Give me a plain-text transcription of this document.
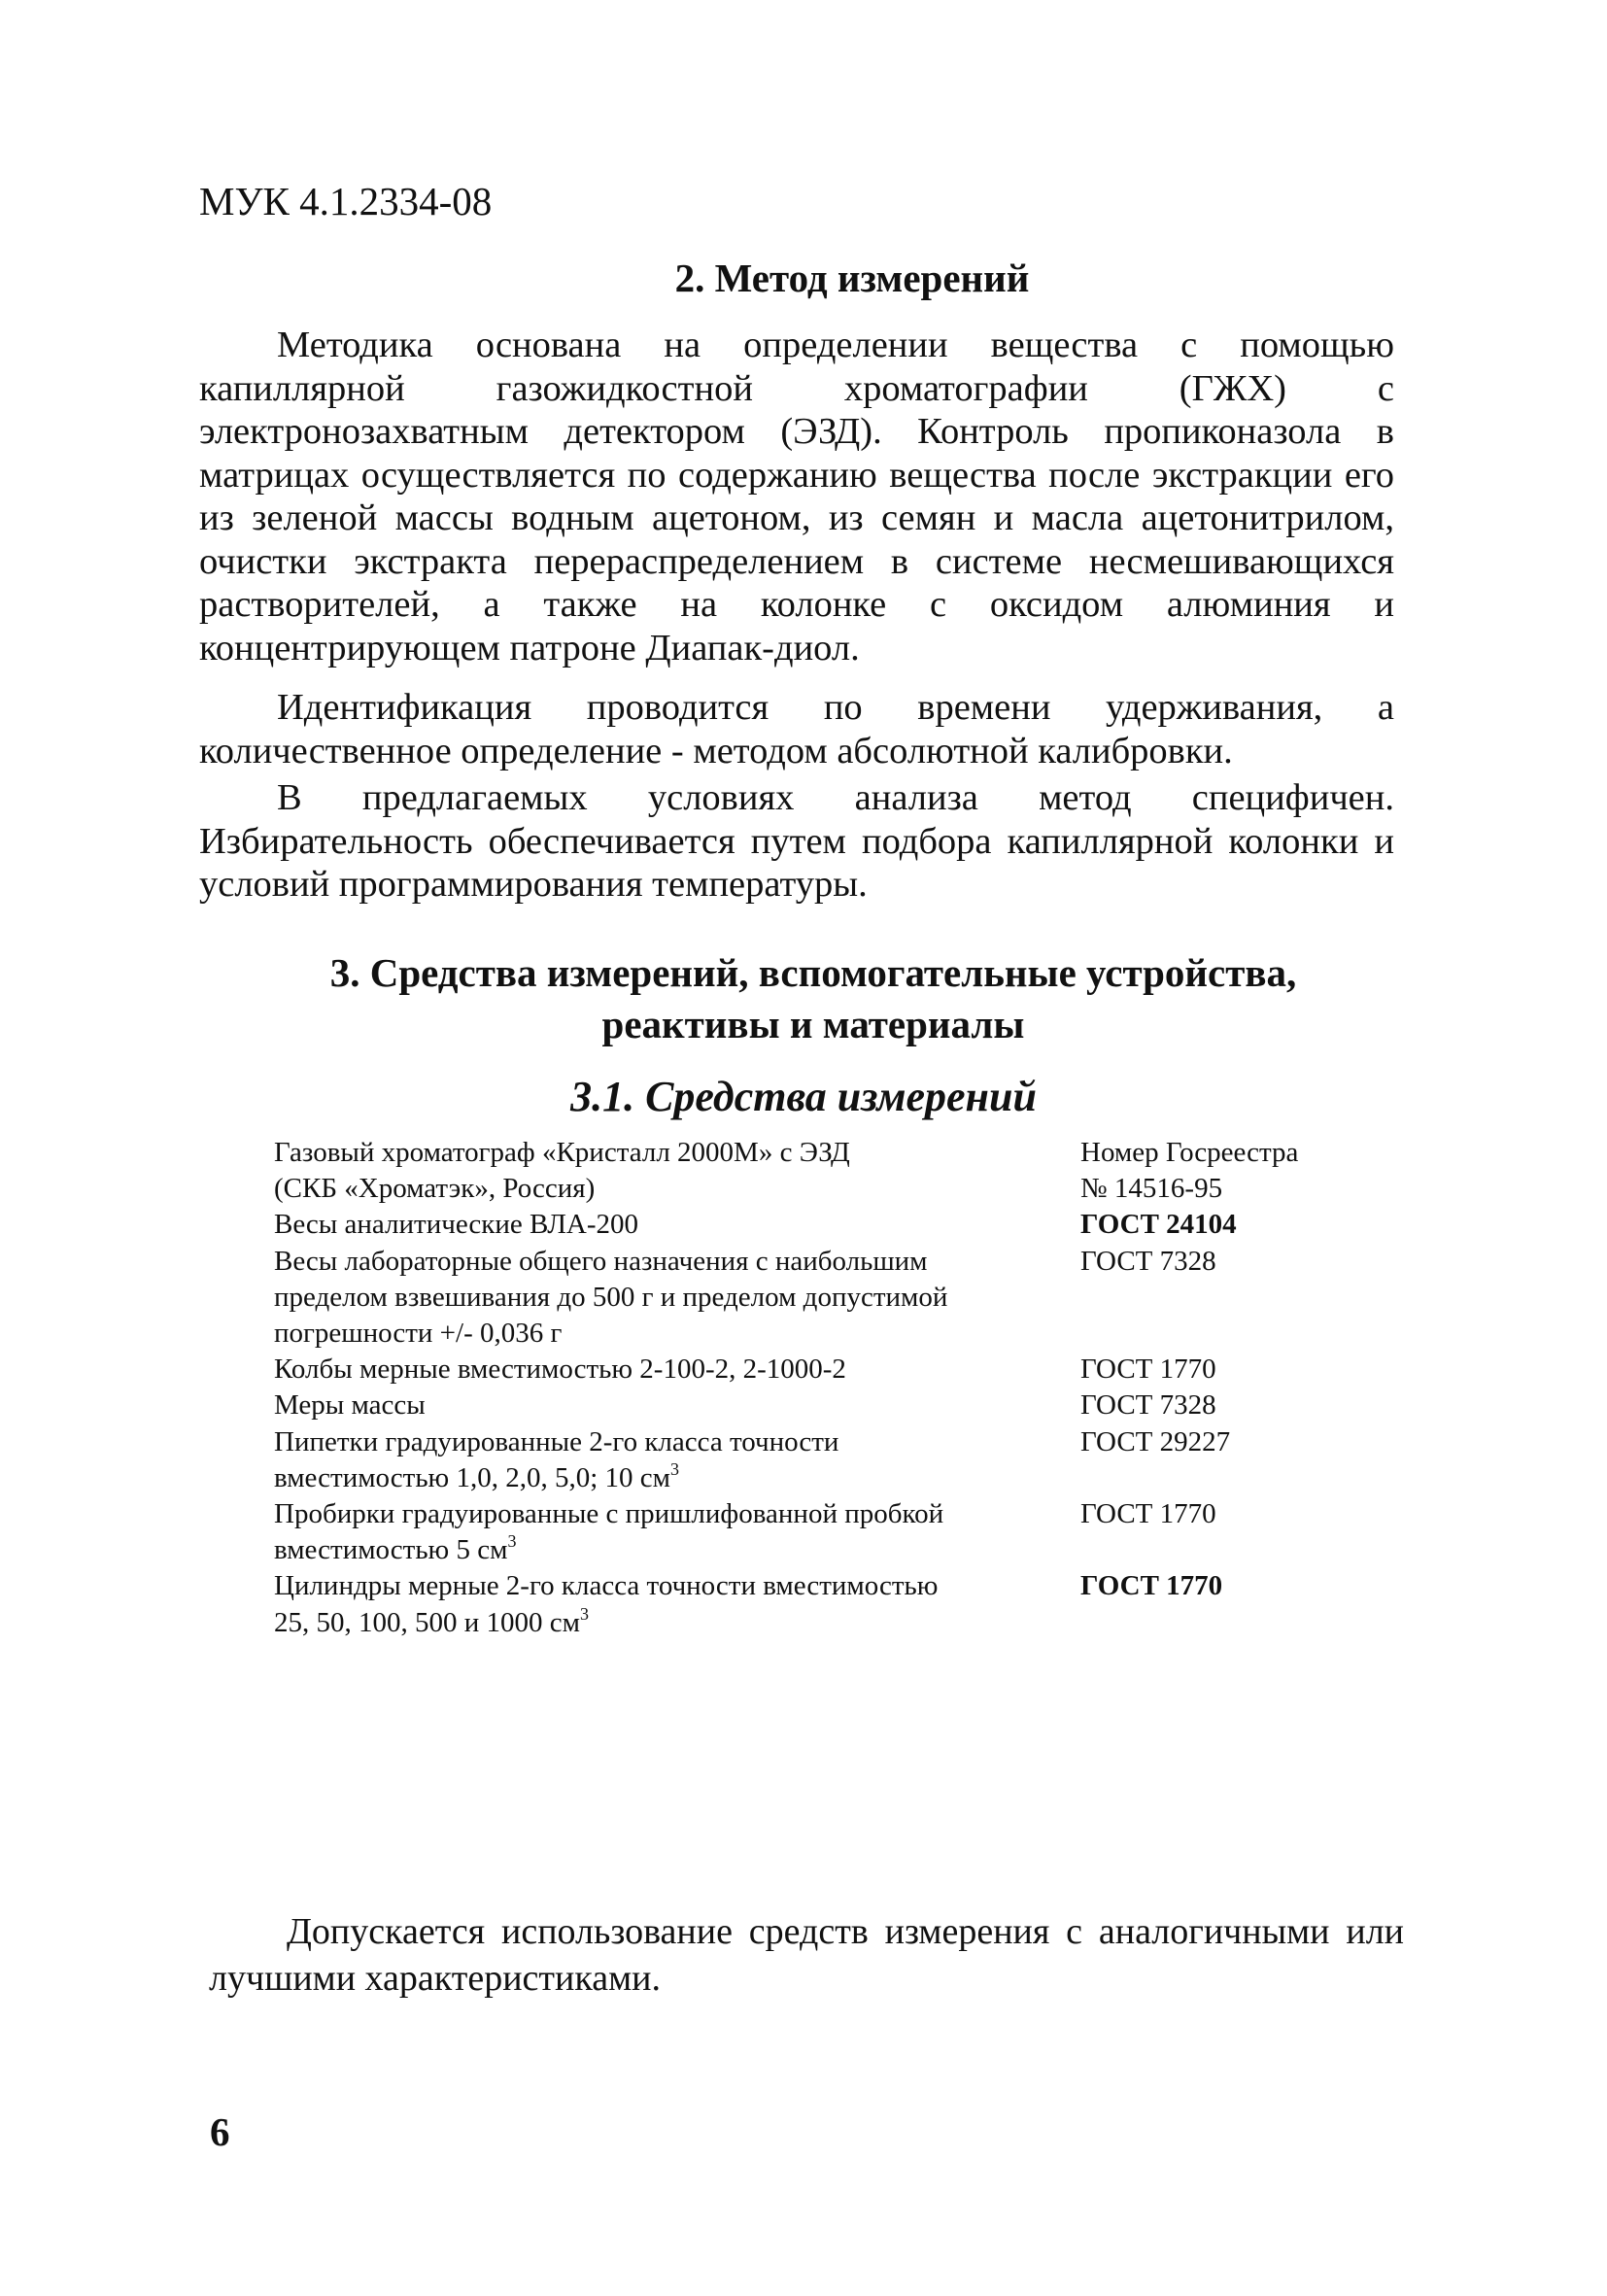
МУК 4.1.2334-08
2. Метод измерений

Методика основана на определении вещества с помощью капиллярной газожидкостной хроматографии (ГЖХ) с электронозахватным детектором (ЭЗД). Контроль пропиконазола в матрицах осуществляется по содержанию вещества после экстракции его из зеленой массы водным ацетоном, из семян и масла ацетонитрилом, очистки экстракта перераспределением в системе несмешивающихся растворителей, а также на колонке с оксидом алюминия и концентрирующем патроне Диапак-диол.

Идентификация проводится по времени удерживания, а количественное определение - методом абсолютной калибровки.

В предлагаемых условиях анализа метод специфичен. Избирательность обеспечивается путем подбора капиллярной колонки и условий программирования температуры.

3. Средства измерений, вспомогательные устройства,
реактивы и материалы
3.1. Средства измерений
Газовый хроматограф «Кристалл 2000М» с ЭЗД	Номер Госреестра
(СКБ «Хроматэк», Россия)	№ 14516-95
Весы аналитические ВЛА-200	ГОСТ 24104
Весы лабораторные общего назначения с наибольшим	ГОСТ 7328
пределом взвешивания до 500 г и пределом допустимой
погрешности +/- 0,036 г
Колбы мерные вместимостью 2-100-2, 2-1000-2	ГОСТ 1770
Меры массы	ГОСТ 7328
Пипетки градуированные 2-го класса точности	ГОСТ 29227
вместимостью 1,0, 2,0, 5,0; 10 $см^3$
Пробирки градуированные с пришлифованной пробкой	ГОСТ 1770
вместимостью 5 $см^3$
Цилиндры мерные 2-го класса точности вместимостью	ГОСТ 1770
25, 50, 100, 500 и 1000 $см^3$

Допускается использование средств измерения с аналогичными или лучшими характеристиками.

6
